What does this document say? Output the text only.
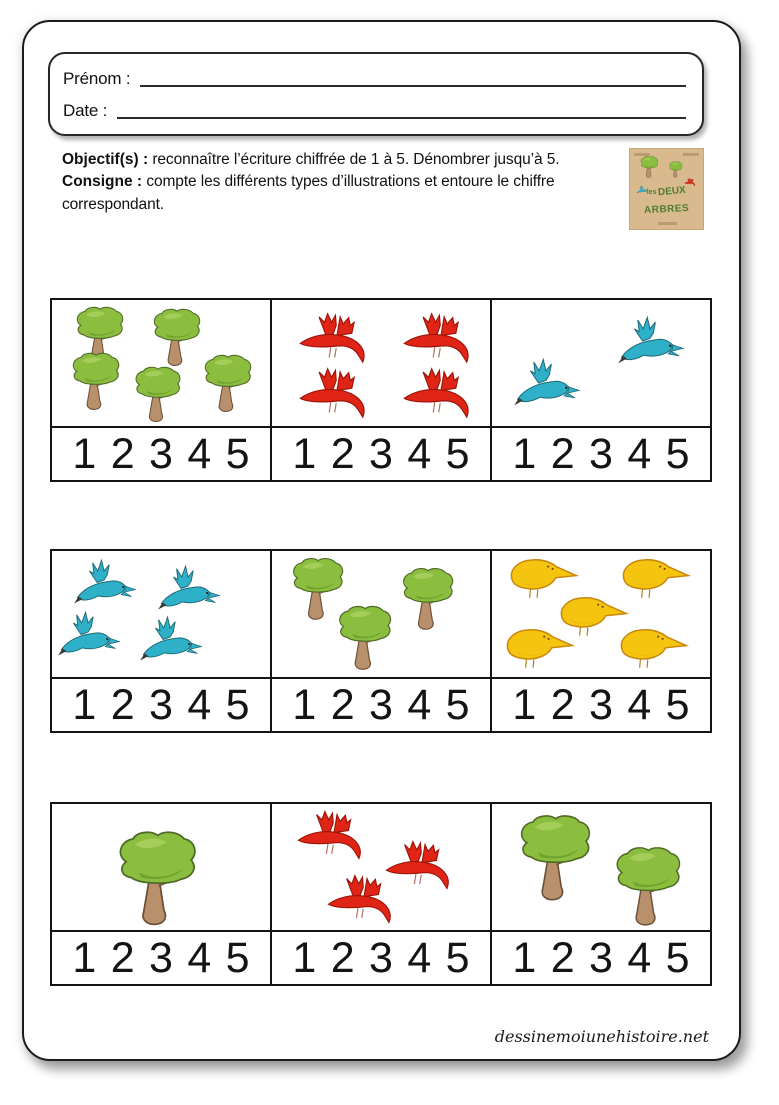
Prénom :
Date :

Objectif(s) : reconnaître l’écriture chiffrée de 1 à 5. Dénombrer jusqu’à 5.

Consigne : compte les différents types d’illustrations et entoure le chiffre correspondant.

les DEUX
ARBRES
1 2 3 4 5 1 2 3 4 5 1 2 3 4 5
1 2 3 4 5 1 2 3 4 5 1 2 3 4 5
1 2 3 4 5 1 2 3 4 5 1 2 3 4 5
dessinemoiunehistoire.net
